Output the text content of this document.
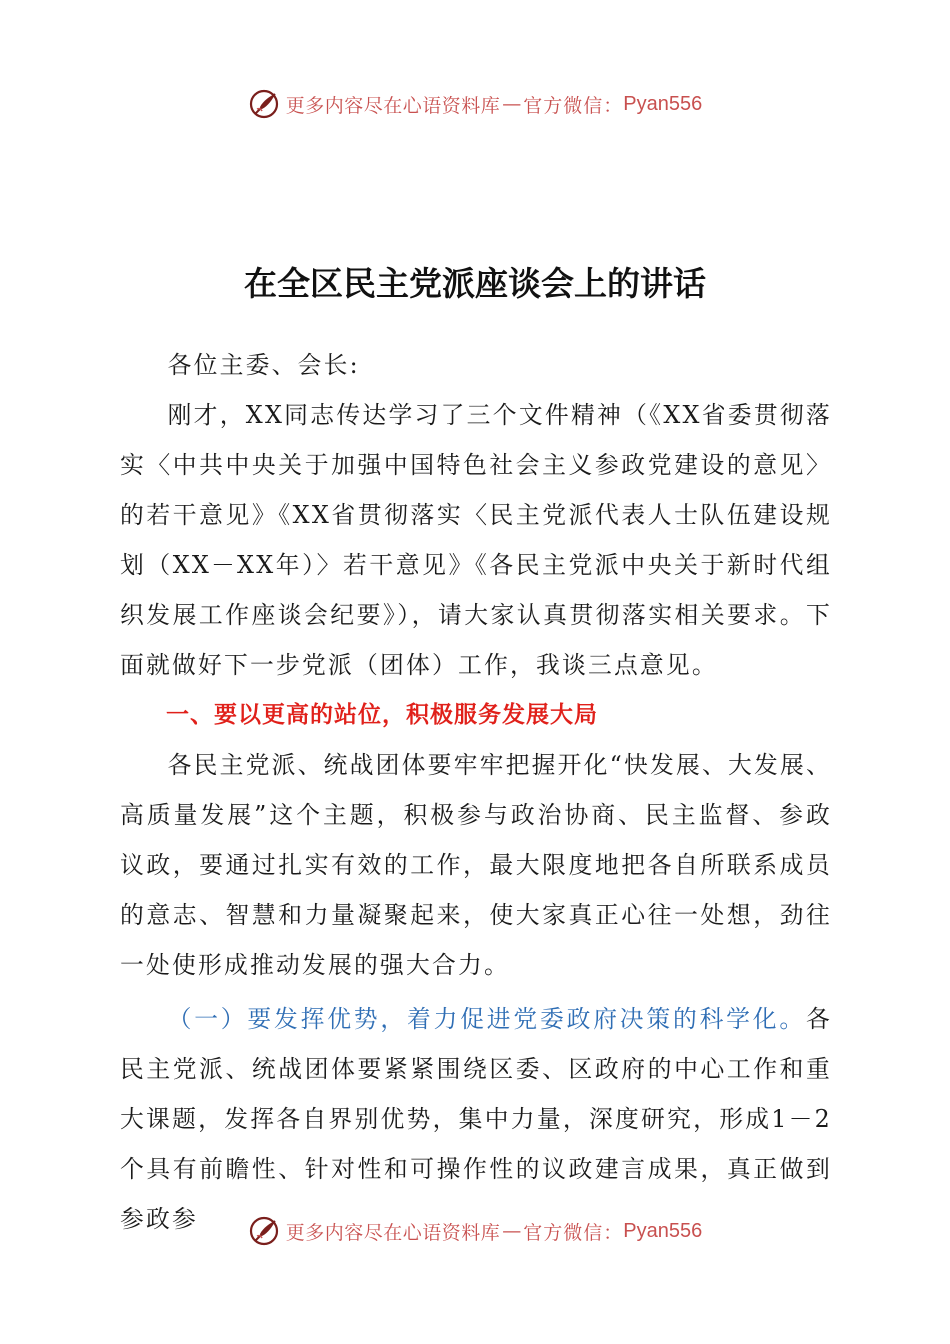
更多内容尽在心语资料库 — 官方微信： Pyan556
在全区民主党派座谈会上的讲话

各位主委、会长:

刚才，XX同志传达学习了三个文件精神（《XX省委贯彻落实〈中共中央关于加强中国特色社会主义参政党建设的意见〉的若干意见》《XX省贯彻落实〈民主党派代表人士队伍建设规划（XX－XX年）〉若干意见》《各民主党派中央关于新时代组织发展工作座谈会纪要》），请大家认真贯彻落实相关要求。下面就做好下一步党派（团体）工作，我谈三点意见。

一、要以更高的站位，积极服务发展大局

各民主党派、统战团体要牢牢把握开化“快发展、大发展、高质量发展”这个主题，积极参与政治协商、民主监督、参政议政，要通过扎实有效的工作，最大限度地把各自所联系成员的意志、智慧和力量凝聚起来，使大家真正心往一处想，劲往一处使形成推动发展的强大合力。

（一）要发挥优势，着力促进党委政府决策的科学化。各民主党派、统战团体要紧紧围绕区委、区政府的中心工作和重大课题，发挥各自界别优势，集中力量，深度研究，形成1－2个具有前瞻性、针对性和可操作性的议政建言成果，真正做到参政参	更多内容尽在心语资料库 — 官方微信： Pyan556
